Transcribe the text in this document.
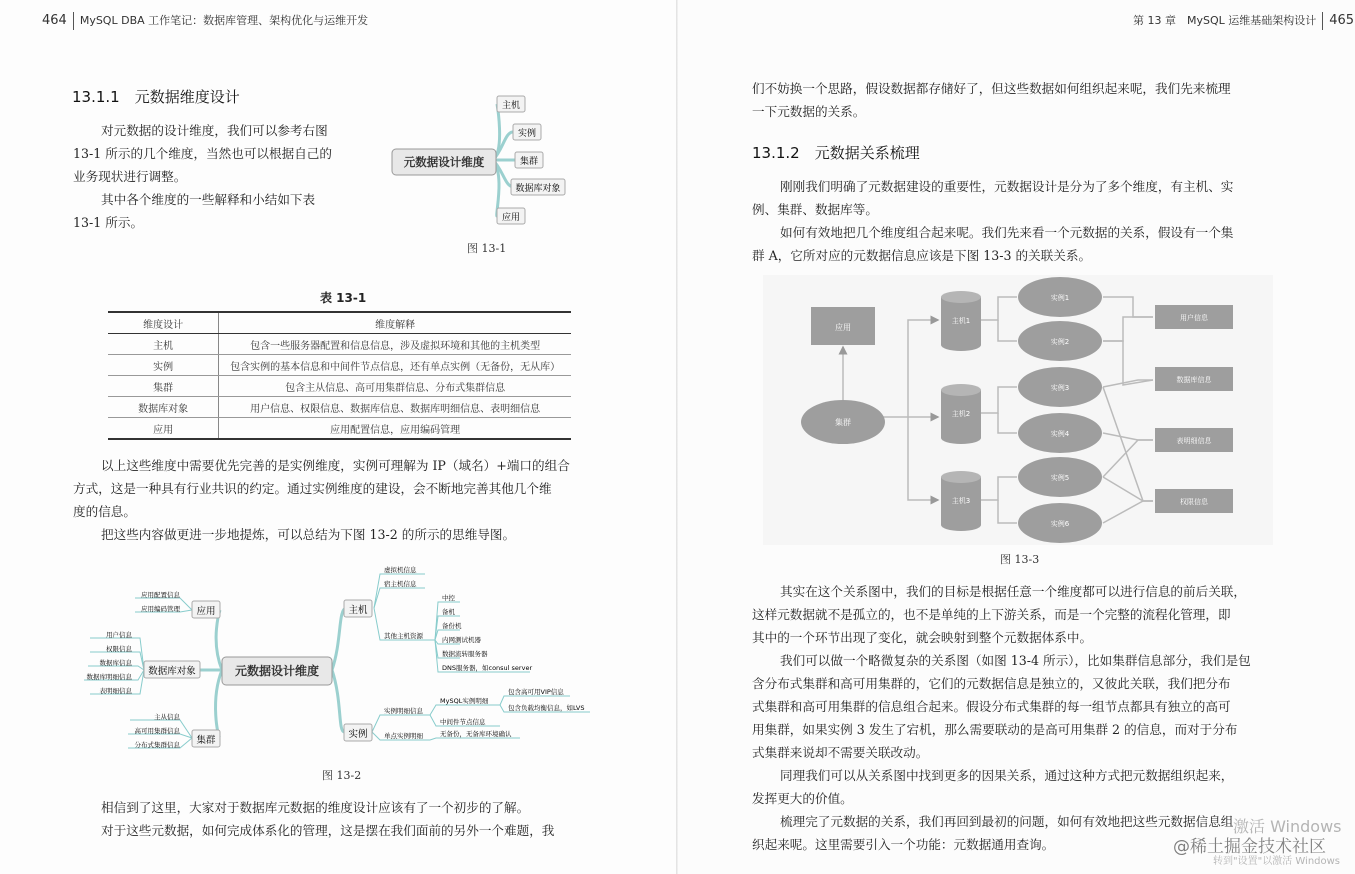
464 MySQL DBA 工作笔记：数据库管理、架构优化与运维开发
13.1.1　元数据维度设计

对元数据的设计维度，我们可以参考右图

13-1 所示的几个维度，当然也可以根据自己的

业务现状进行调整。

其中各个维度的一些解释和小结如下表

13-1 所示。

元数据设计维度
主机
实例
集群
数据库对象
应用
图 13-1
表 13-1
维度设计	维度解释
主机	包含一些服务器配置和信息信息，涉及虚拟环境和其他的主机类型
实例	包含实例的基本信息和中间件节点信息，还有单点实例（无备份，无从库）
集群	包含主从信息、高可用集群信息、分布式集群信息
数据库对象	用户信息、权限信息、数据库信息、数据库明细信息、表明细信息
应用	应用配置信息，应用编码管理

以上这些维度中需要优先完善的是实例维度，实例可理解为 IP（域名）+端口的组合

方式，这是一种具有行业共识的约定。通过实例维度的建设，会不断地完善其他几个维

度的信息。

把这些内容做更进一步地提炼，可以总结为下图 13-2 的所示的思维导图。

元数据设计维度
应用
应用配置信息
应用编码管理
数据库对象
用户信息
权限信息
数据库信息
数据库明细信息
表明细信息
集群
主从信息
高可用集群信息
分布式集群信息
主机
虚拟机信息
宿主机信息
其他主机资源
中控
备机
备份机
内网测试机器
数据流转服务器
DNS服务器，如consul server
实例
实例明细信息
单点实例明细
MySQL实例明细
中间件节点信息
包含高可用VIP信息
包含负载均衡信息，如LVS
无备份，无备库环境确认
图 13-2

相信到了这里，大家对于数据库元数据的维度设计应该有了一个初步的了解。

对于这些元数据，如何完成体系化的管理，这是摆在我们面前的另外一个难题，我

第 13 章　MySQL 运维基础架构设计 465

们不妨换一个思路，假设数据都存储好了，但这些数据如何组织起来呢，我们先来梳理

一下元数据的关系。

13.1.2　元数据关系梳理

刚刚我们明确了元数据建设的重要性，元数据设计是分为了多个维度，有主机、实

例、集群、数据库等。

如何有效地把几个维度组合起来呢。我们先来看一个元数据的关系，假设有一个集

群 A，它所对应的元数据信息应该是下图 13-3 的关联关系。

应用
集群
主机1
主机2
主机3
实例1
实例2
实例3
实例4
实例5
实例6
用户信息
数据库信息
表明细信息
权限信息
图 13-3

其实在这个关系图中，我们的目标是根据任意一个维度都可以进行信息的前后关联，

这样元数据就不是孤立的，也不是单纯的上下游关系，而是一个完整的流程化管理，即

其中的一个环节出现了变化，就会映射到整个元数据体系中。

我们可以做一个略微复杂的关系图（如图 13-4 所示），比如集群信息部分，我们是包

含分布式集群和高可用集群的，它们的元数据信息是独立的，又彼此关联，我们把分布

式集群和高可用集群的信息组合起来。假设分布式集群的每一组节点都具有独立的高可

用集群，如果实例 3 发生了宕机，那么需要联动的是高可用集群 2 的信息，而对于分布

式集群来说却不需要关联改动。

同理我们可以从关系图中找到更多的因果关系，通过这种方式把元数据组织起来，

发挥更大的价值。

梳理完了元数据的关系，我们再回到最初的问题，如何有效地把这些元数据信息组

织起来呢。这里需要引入一个功能：元数据通用查询。

激活 Windows
@稀土掘金技术社区
转到"设置"以激活 Windows
